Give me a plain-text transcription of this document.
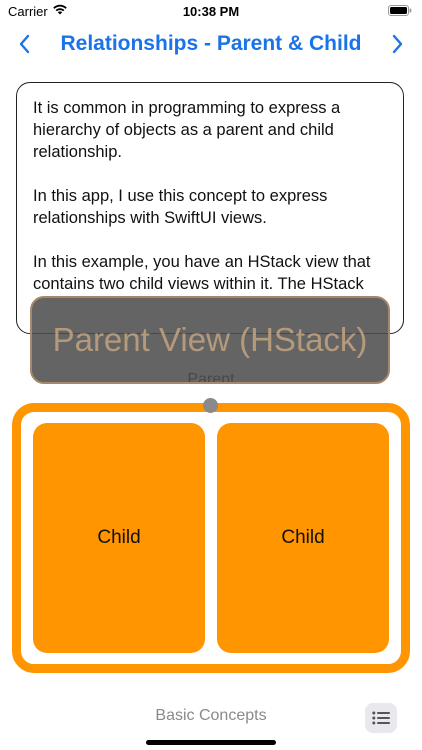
Carrier	10:38 PM
Relationships - Parent & Child

It is common in programming to express a hierarchy of objects as a parent and child relationship.

In this app, I use this concept to express relationships with SwiftUI views.

In this example, you have an HStack view that contains two child views within it. The HStack

Child	Child
Parent View (HStack)
Basic Concepts
